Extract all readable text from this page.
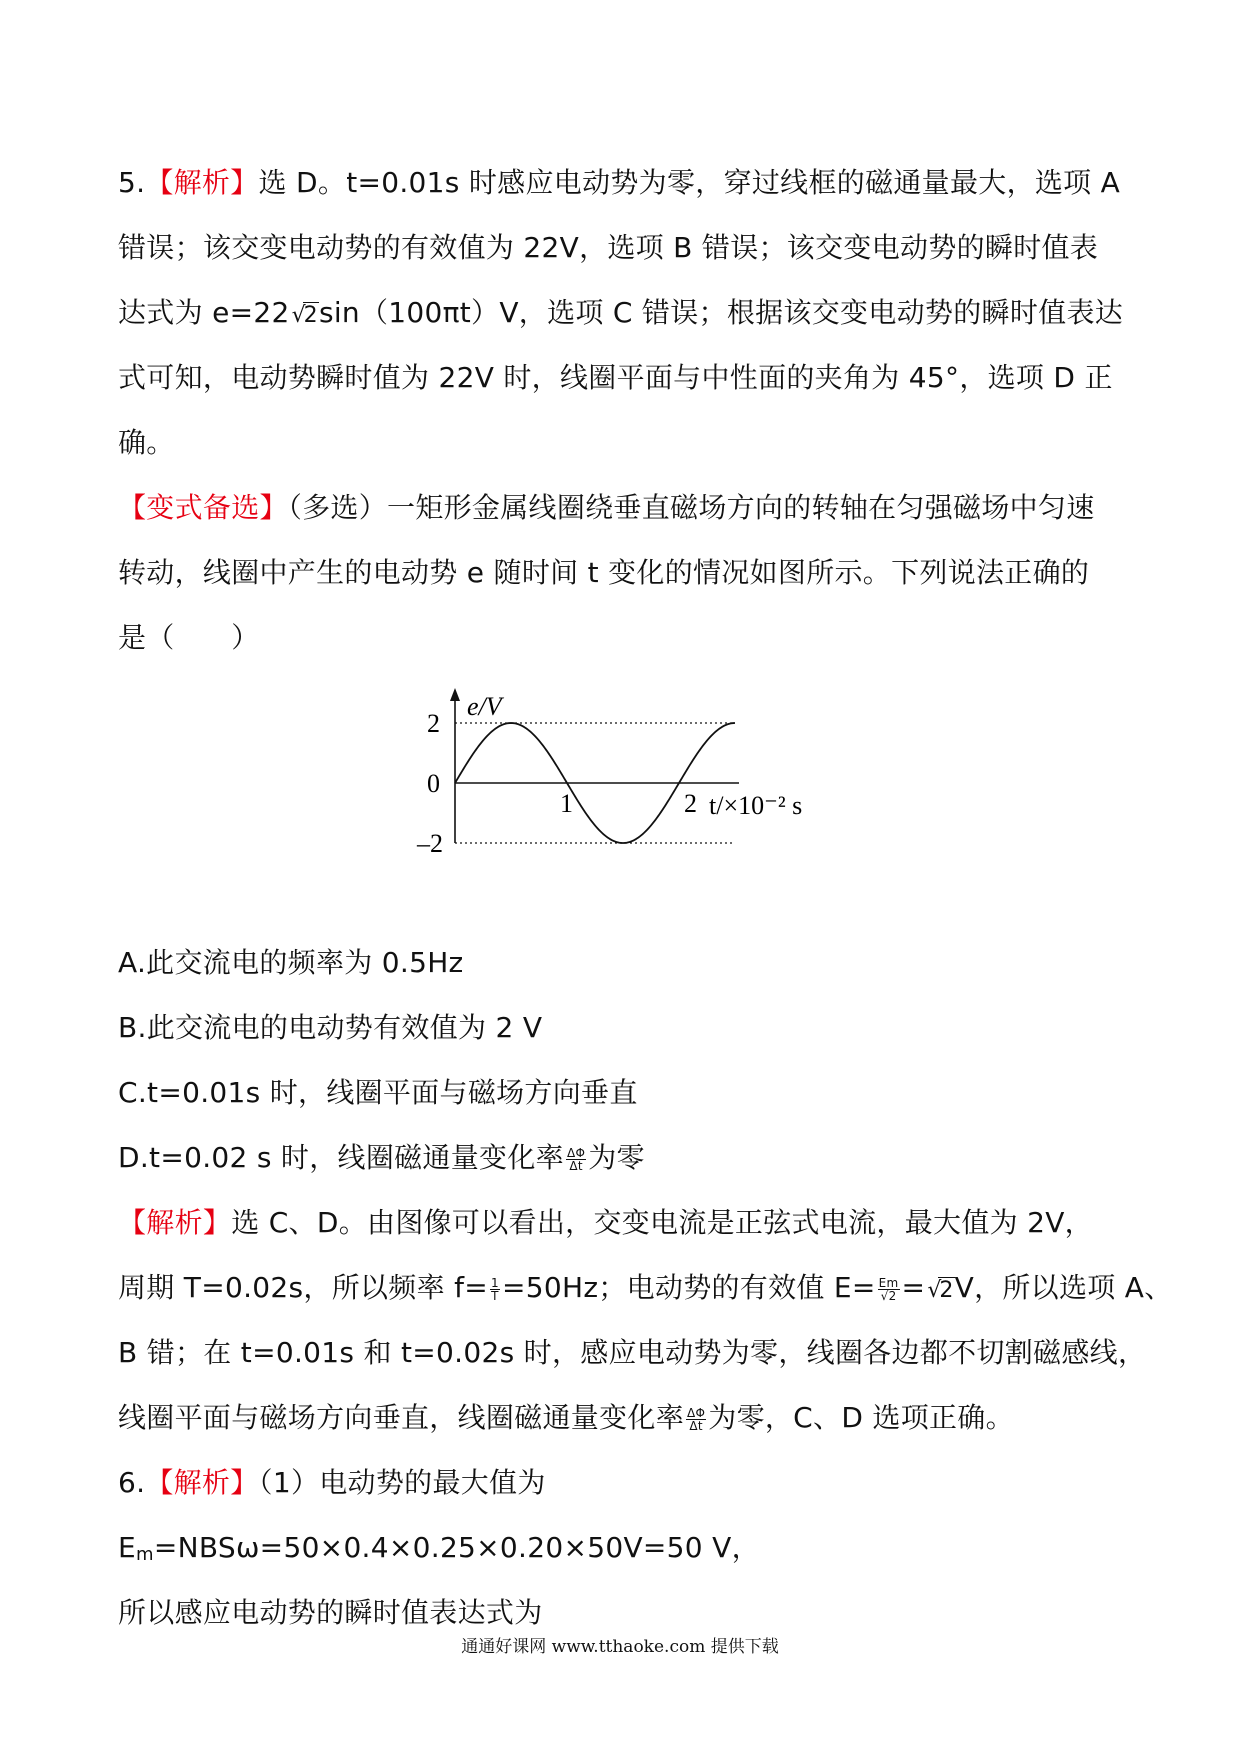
5.【解析】选 D。t=0.01s 时感应电动势为零，穿过线框的磁通量最大，选项 A
错误；该交变电动势的有效值为 22V，选项 B 错误；该交变电动势的瞬时值表
达式为 e=22 √
2sin（100πt）V，选项 C 错误；根据该交变电动势的瞬时值表达
式可知，电动势瞬时值为 22V 时，线圈平面与中性面的夹角为 45°，选项 D 正
确。
【变式备选】（多选）一矩形金属线圈绕垂直磁场方向的转轴在匀强磁场中匀速
转动，线圈中产生的电动势 e 随时间 t 变化的情况如图所示。下列说法正确的
是（　　）
A.此交流电的频率为 0.5Hz
B.此交流电的电动势有效值为 2 V
C.t=0.01s 时，线圈平面与磁场方向垂直
D.t=0.02 s 时，线圈磁通量变化率 $\frac{\Delta\Phi}{\Delta t}$ 为零
【解析】选 C、D。由图像可以看出，交变电流是正弦式电流，最大值为 2V，
周期 T=0.02s，所以频率 $f= \frac{1}{T} =50Hz$；电动势的有效值 $E= \frac{Em}{√2}$ = √
2V，所以选项 A、
B 错；在 t=0.01s 和 t=0.02s 时，感应电动势为零，线圈各边都不切割磁感线，
线圈平面与磁场方向垂直，线圈磁通量变化率 $\frac{\Delta\Phi}{\Delta t}$ 为零，C、D 选项正确。
6.【解析】（1）电动势的最大值为
Em=NBSω=50×0.4×0.25×0.20×50V=50 V，
所以感应电动势的瞬时值表达式为
e/V
2
0
–2
1	2 t/×10⁻² s
通通好课网 www.tthaoke.com 提供下载
